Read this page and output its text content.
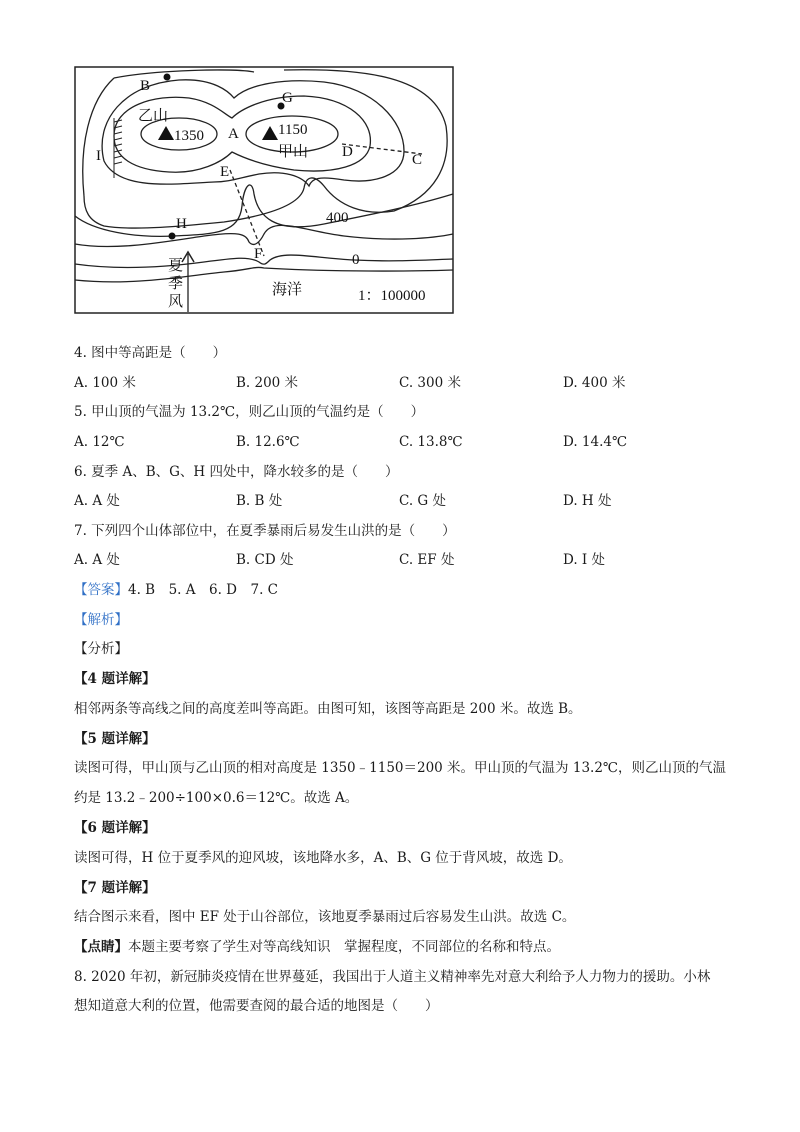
B
乙山
1350 A
G
1150
甲山 D	C
I
E
400
H
F	0
夏
季
风
海洋	1：100000
4. 图中等高距是（　　）
A. 100 米	B. 200 米	C. 300 米	D. 400 米
5. 甲山顶的气温为 13.2℃，则乙山顶的气温约是（　　）
A. 12℃	B. 12.6℃	C. 13.8℃	D. 14.4℃
6. 夏季 A、B、G、H 四处中，降水较多的是（　　）
A. A 处	B. B 处	C. G 处	D. H 处
7. 下列四个山体部位中，在夏季暴雨后易发生山洪的是（　　）
A. A 处	B. CD 处	C. EF 处	D. I 处
【答案】4. B　5. A　6. D　7. C
【解析】
【分析】
【4 题详解】
相邻两条等高线之间的高度差叫等高距。由图可知，该图等高距是 200 米。故选 B。
【5 题详解】
读图可得，甲山顶与乙山顶的相对高度是 1350﹣1150＝200 米。甲山顶的气温为 13.2℃，则乙山顶的气温
约是 13.2﹣200÷100×0.6＝12℃。故选 A。
【6 题详解】
读图可得，H 位于夏季风的迎风坡，该地降水多，A、B、G 位于背风坡，故选 D。
【7 题详解】
结合图示来看，图中 EF 处于山谷部位，该地夏季暴雨过后容易发生山洪。故选 C。
【点睛】本题主要考察了学生对等高线知识　掌握程度，不同部位的名称和特点。
8. 2020 年初，新冠肺炎疫情在世界蔓延，我国出于人道主义精神率先对意大利给予人力物力的援助。小林
想知道意大利的位置，他需要查阅的最合适的地图是（　　）
